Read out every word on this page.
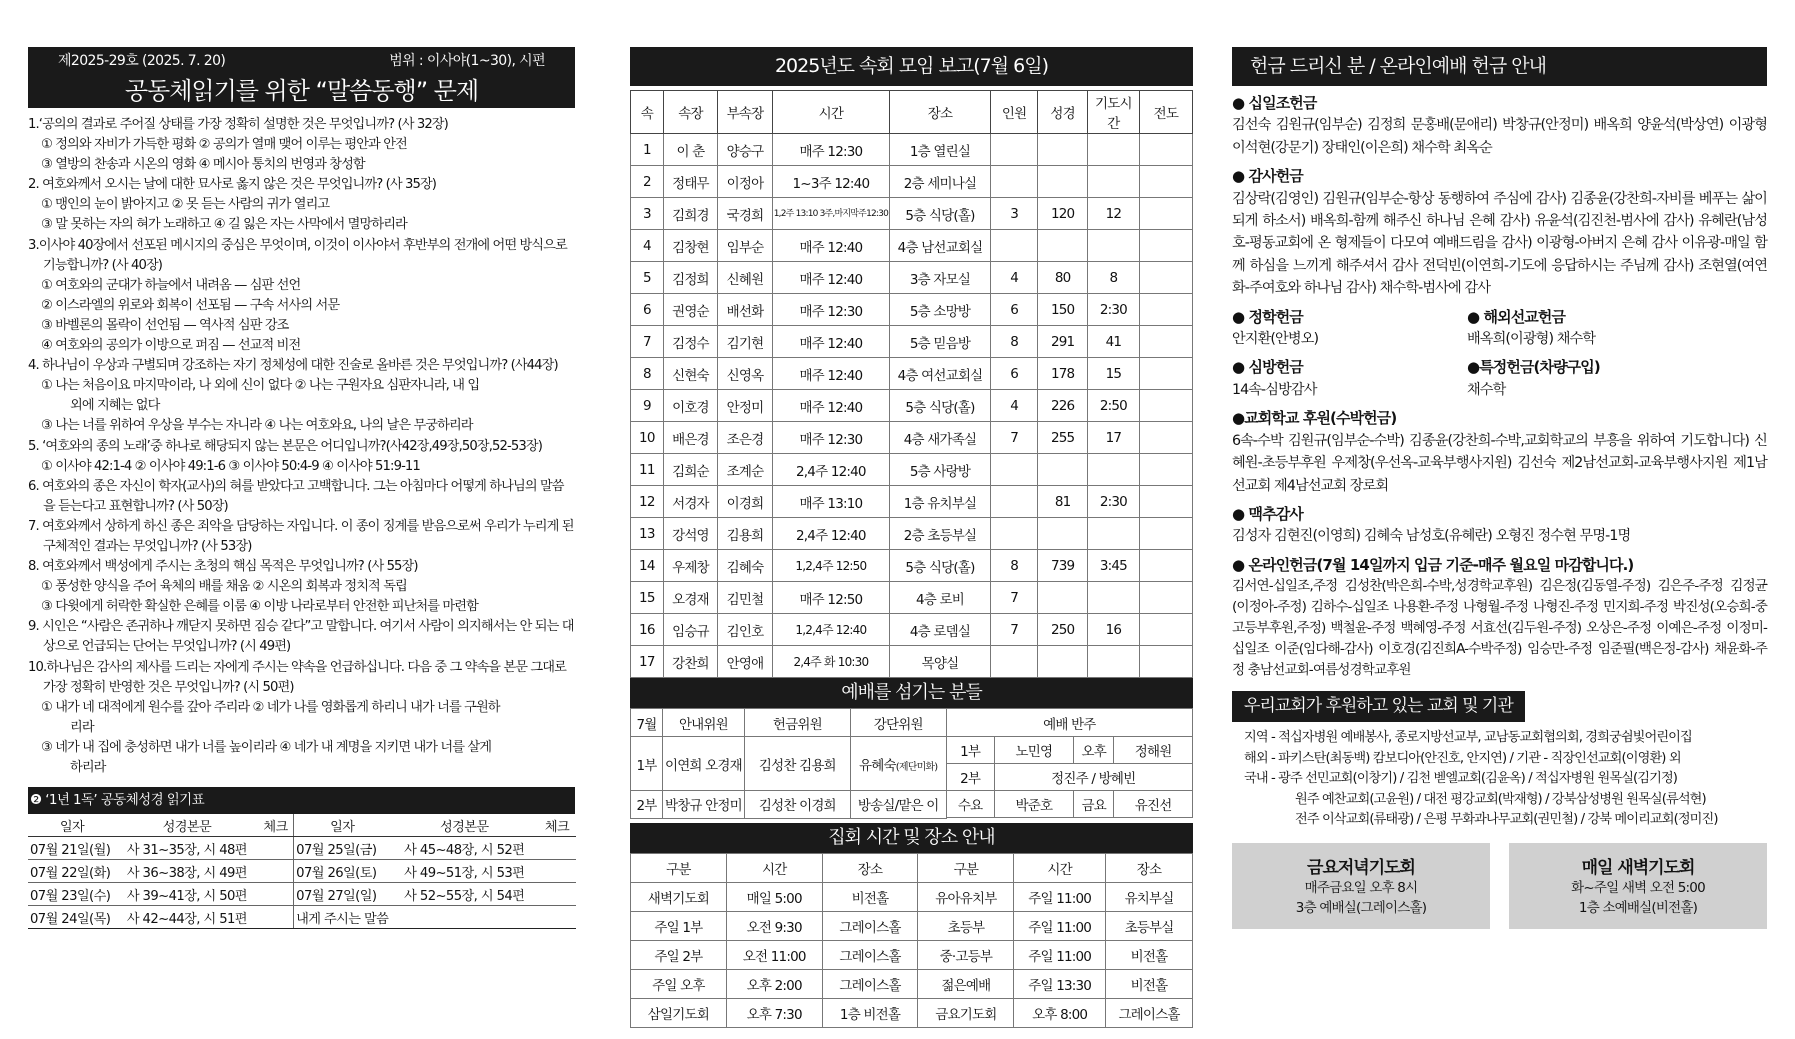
제2025-29호 (2025. 7. 20)	범위 : 이사야(1~30), 시편
공동체읽기를 위한 “말씀동행” 문제
1.‘공의의 결과로 주어질 상태를 가장 정확히 설명한 것은 무엇입니까? (사 32장)
① 정의와 자비가 가득한 평화 ② 공의가 열매 맺어 이루는 평안과 안전
③ 열방의 찬송과 시온의 영화 ④ 메시아 통치의 번영과 창성함
2. 여호와께서 오시는 날에 대한 묘사로 옳지 않은 것은 무엇입니까? (사 35장)
① 맹인의 눈이 밝아지고 ② 못 듣는 사람의 귀가 열리고
③ 말 못하는 자의 혀가 노래하고 ④ 길 잃은 자는 사막에서 멸망하리라
3.이사야 40장에서 선포된 메시지의 중심은 무엇이며, 이것이 이사야서 후반부의 전개에 어떤 방식으로 기능합니까? (사 40장)
① 여호와의 군대가 하늘에서 내려옴 — 심판 선언
② 이스라엘의 위로와 회복이 선포됨 — 구속 서사의 서문
③ 바벨론의 몰락이 선언됨 — 역사적 심판 강조
④ 여호와의 공의가 이방으로 퍼짐 — 선교적 비전
4. 하나님이 우상과 구별되며 강조하는 자기 정체성에 대한 진술로 올바른 것은 무엇입니까? (사44장)
① 나는 처음이요 마지막이라, 나 외에 신이 없다 ② 나는 구원자요 심판자니라, 내 입
외에 지혜는 없다
③ 나는 너를 위하여 우상을 부수는 자니라 ④ 나는 여호와요, 나의 날은 무궁하리라
5. ‘여호와의 종의 노래’중 하나로 해당되지 않는 본문은 어디입니까?(사42장,49장,50장,52-53장)
① 이사야 42:1-4 ② 이사야 49:1-6 ③ 이사야 50:4-9 ④ 이사야 51:9-11
6. 여호와의 종은 자신이 학자(교사)의 혀를 받았다고 고백합니다. 그는 아침마다 어떻게 하나님의 말씀을 듣는다고 표현합니까? (사 50장)
7. 여호와께서 상하게 하신 종은 죄악을 담당하는 자입니다. 이 종이 징계를 받음으로써 우리가 누리게 된 구체적인 결과는 무엇입니까? (사 53장)
8. 여호와께서 백성에게 주시는 초청의 핵심 목적은 무엇입니까? (사 55장)
① 풍성한 양식을 주어 육체의 배를 채움 ② 시온의 회복과 정치적 독립
③ 다윗에게 허락한 확실한 은혜를 이룸 ④ 이방 나라로부터 안전한 피난처를 마련함
9. 시인은 “사람은 존귀하나 깨닫지 못하면 짐승 같다”고 말합니다. 여기서 사람이 의지해서는 안 되는 대상으로 언급되는 단어는 무엇입니까? (시 49편)
10.하나님은 감사의 제사를 드리는 자에게 주시는 약속을 언급하십니다. 다음 중 그 약속을 본문 그대로 가장 정확히 반영한 것은 무엇입니까? (시 50편)
① 내가 네 대적에게 원수를 갚아 주리라 ② 네가 나를 영화롭게 하리니 내가 너를 구원하
리라
③ 네가 내 집에 충성하면 내가 너를 높이리라 ④ 네가 내 계명을 지키면 내가 너를 살게
하리라
❷ ‘1년 1독’ 공동체성경 읽기표
일자	성경본문	체크	일자	성경본문	체크
07월 21일(월)	사 31~35장, 시 48편		07월 25일(금)	사 45~48장, 시 52편	
07월 22일(화)	사 36~38장, 시 49편		07월 26일(토)	사 49~51장, 시 53편	
07월 23일(수)	사 39~41장, 시 50편		07월 27일(일)	사 52~55장, 시 54편	
07월 24일(목)	사 42~44장, 시 51편		내게 주시는 말씀		
2025년도 속회 모임 보고(7월 6일)
속	속장	부속장	시간	장소	인원	성경	기도시간	전도
1	이 춘	양승구	매주 12:30	1층 열린실				
2	정태무	이정아	1~3주 12:40	2층 세미나실				
3	김희경	국경희	1,2주 13:10 3주,마지막주12:30	5층 식당(홀)	3	120	12	
4	김창현	임부순	매주 12:40	4층 남선교회실				
5	김정희	신혜원	매주 12:40	3층 자모실	4	80	8	
6	권영순	배선화	매주 12:30	5층 소망방	6	150	2:30	
7	김정수	김기현	매주 12:40	5층 믿음방	8	291	41	
8	신현숙	신영옥	매주 12:40	4층 여선교회실	6	178	15	
9	이호경	안정미	매주 12:40	5층 식당(홀)	4	226	2:50	
10	배은경	조은경	매주 12:30	4층 새가족실	7	255	17	
11	김희순	조계순	2,4주 12:40	5층 사랑방				
12	서경자	이경희	매주 13:10	1층 유치부실		81	2:30	
13	강석영	김용희	2,4주 12:40	2층 초등부실				
14	우제창	김혜숙	1,2,4주 12:50	5층 식당(홀)	8	739	3:45	
15	오경재	김민철	매주 12:50	4층 로비	7			
16	임승규	김인호	1,2,4주 12:40	4층 로뎀실	7	250	16	
17	강찬희	안영애	2,4주 화 10:30	목양실				
예배를 섬기는 분들
7월	안내위원	헌금위원	강단위원	예배 반주			
1부	이연희 오경재	김성찬 김용희	유혜숙(제단미화)	1부	노민영	오후	정해원
				2부	정진주 / 방혜빈		
2부	박창규 안정미	김성찬 이경희	방송실/맡은 이	수요	박준호	금요	유진선

집회 시간 및 장소 안내
구분	시간	장소	구분	시간	장소
새벽기도회	매일 5:00	비전홀	유아유치부	주일 11:00	유치부실
주일 1부	오전 9:30	그레이스홀	초등부	주일 11:00	초등부실
주일 2부	오전 11:00	그레이스홀	중·고등부	주일 11:00	비전홀
주일 오후	오후 2:00	그레이스홀	젊은예배	주일 13:30	비전홀
삼일기도회	오후 7:30	1층 비전홀	금요기도회	오후 8:00	그레이스홀
헌금 드리신 분 / 온라인예배 헌금 안내
● 십일조헌금
김선숙 김원규(임부순) 김정희 문홍배(문애리) 박창규(안정미) 배옥희 양윤석(박상연) 이광형 이석현(강문기) 장태인(이은희) 채수학 최옥순
● 감사헌금
김상락(김영인) 김원규(임부순-항상 동행하여 주심에 감사) 김종윤(강찬희-자비를 베푸는 삶이 되게 하소서) 배옥희-함께 해주신 하나님 은혜 감사) 유윤석(김진천-범사에 감사) 유혜란(남성호-평동교회에 온 형제들이 다모여 예배드림을 감사) 이광형-아버지 은혜 감사 이유광-매일 함께 하심을 느끼게 해주셔서 감사 전덕빈(이연희-기도에 응답하시는 주님께 감사) 조현열(여연화-주여호와 하나님 감사) 채수학-범사에 감사
● 정학헌금
안지환(안병오)
● 해외선교헌금
배옥희(이광형) 채수학
● 심방헌금
14속-심방감사
●특정헌금(차량구입)
채수학
●교회학교 후원(수박헌금)
6속-수박 김원규(임부순-수박) 김종윤(강찬희-수박,교회학교의 부흥을 위하여 기도합니다) 신혜원-초등부후원 우제창(우선옥-교육부행사지원) 김선숙 제2남선교회-교육부행사지원 제1남선교회 제4남선교회 장로회
● 맥추감사
김성자 김현진(이영희) 김혜숙 남성호(유혜란) 오형진 정수현 무명-1명
● 온라인헌금(7월 14일까지 입금 기준-매주 월요일 마감합니다.)
김서연-십일조,주정 김성찬(박은희-수박,성경학교후원) 김은정(김동열-주정) 김은주-주정 김정균(이정아-주정) 김하수-십일조 나용환-주정 나형월-주정 나형진-주정 민지희-주정 박진성(오승희-중고등부후원,주정) 백철윤-주정 백혜영-주정 서효선(김두원-주정) 오상은-주정 이예은-주정 이정미-십일조 이준(임다해-감사) 이호경(김진희A-수박주정) 임승만-주정 임준필(백은정-감사) 채윤화-주정 충남선교회-여름성경학교후원
우리교회가 후원하고 있는 교회 및 기관
지역 - 적십자병원 예배봉사, 종로지방선교부, 교남동교회협의회, 경희궁쉼빛어린이집
해외 - 파키스탄(최동백) 캄보디아(안진호, 안지연) / 기관 - 직장인선교회(이영환) 외
국내 - 광주 선민교회(이창기) / 김천 벧엘교회(김윤옥) / 적십자병원 원목실(김기정)
원주 예찬교회(고윤원) / 대전 평강교회(박재형) / 강북삼성병원 원목실(류석현)
전주 이삭교회(류태광) / 은평 무화과나무교회(권민철) / 강북 메이리교회(정미진)
금요저녁기도회
매주금요일 오후 8시
3층 예배실(그레이스홀)
매일 새벽기도회
화~주일 새벽 오전 5:00
1층 소예배실(비전홀)
